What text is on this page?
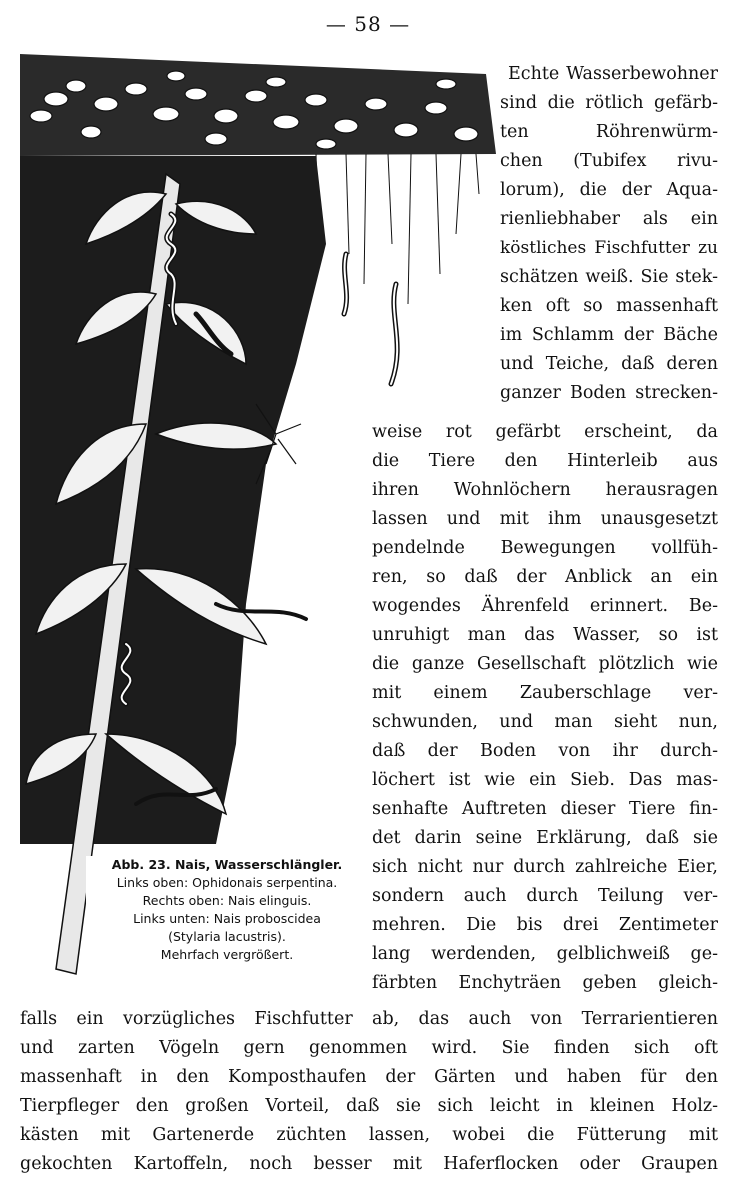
— 58 —
Abb. 23. Nais, Wasserschlängler.
Links oben: Ophidonais serpentina.
Rechts oben: Nais elinguis.
Links unten: Nais proboscidea
(Stylaria lacustris).
Mehrfach vergrößert.
Echte Wasserbewohner
sind die rötlich gefärb-
ten Röhrenwürm-
chen (Tubifex rivu-
lorum), die der Aqua-
rienliebhaber als ein
köstliches Fischfutter zu
schätzen weiß. Sie stek-
ken oft so massenhaft
im Schlamm der Bäche
und Teiche, daß deren
ganzer Boden strecken-
weise rot gefärbt erscheint, da
die Tiere den Hinterleib aus
ihren Wohnlöchern herausragen
lassen und mit ihm unausgesetzt
pendelnde Bewegungen vollfüh-
ren, so daß der Anblick an ein
wogendes Ährenfeld erinnert. Be-
unruhigt man das Wasser, so ist
die ganze Gesellschaft plötzlich wie
mit einem Zauberschlage ver-
schwunden, und man sieht nun,
daß der Boden von ihr durch-
löchert ist wie ein Sieb. Das mas-
senhafte Auftreten dieser Tiere fin-
det darin seine Erklärung, daß sie
sich nicht nur durch zahlreiche Eier,
sondern auch durch Teilung ver-
mehren. Die bis drei Zentimeter
lang werdenden, gelblichweiß ge-
färbten Enchyträen geben gleich-
falls ein vorzügliches Fischfutter ab, das auch von Terrarientieren
und zarten Vögeln gern genommen wird. Sie finden sich oft
massenhaft in den Komposthaufen der Gärten und haben für den
Tierpfleger den großen Vorteil, daß sie sich leicht in kleinen Holz-
kästen mit Gartenerde züchten lassen, wobei die Fütterung mit
gekochten Kartoffeln, noch besser mit Haferflocken oder Graupen
